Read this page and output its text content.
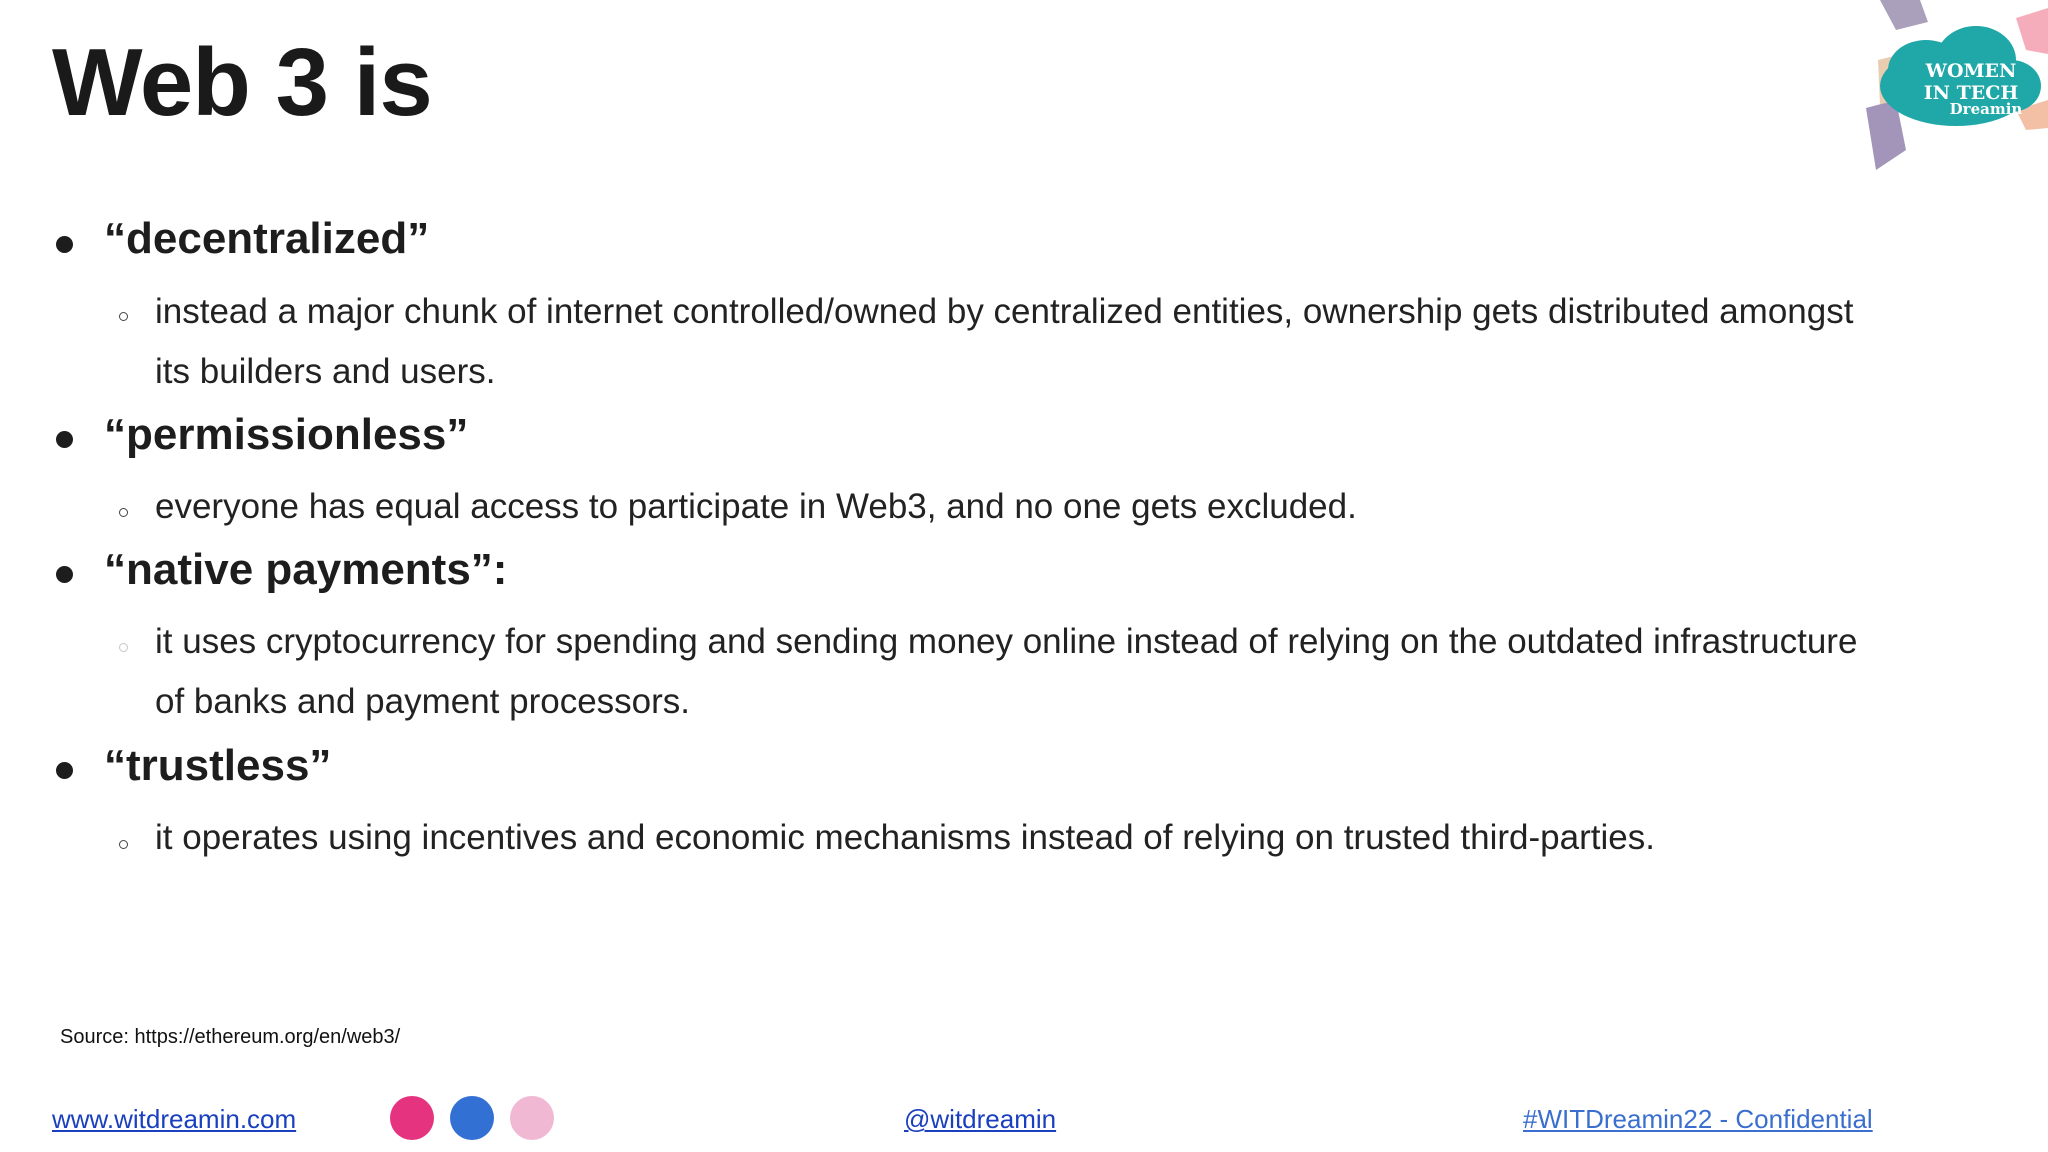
Web 3 is	WOMEN
IN TECH
Dreamin
“decentralized”
instead a major chunk of internet controlled/owned by centralized entities, ownership gets distributed amongst its builders and users.
“permissionless”
everyone has equal access to participate in Web3, and no one gets excluded.
“native payments”:
it uses cryptocurrency for spending and sending money online instead of relying on the outdated infrastructure of banks and payment processors.
“trustless”
it operates using incentives and economic mechanisms instead of relying on trusted third-parties.
Source: https://ethereum.org/en/web3/
www.witdreamin.com	@witdreamin	#WITDreamin22 - Confidential
